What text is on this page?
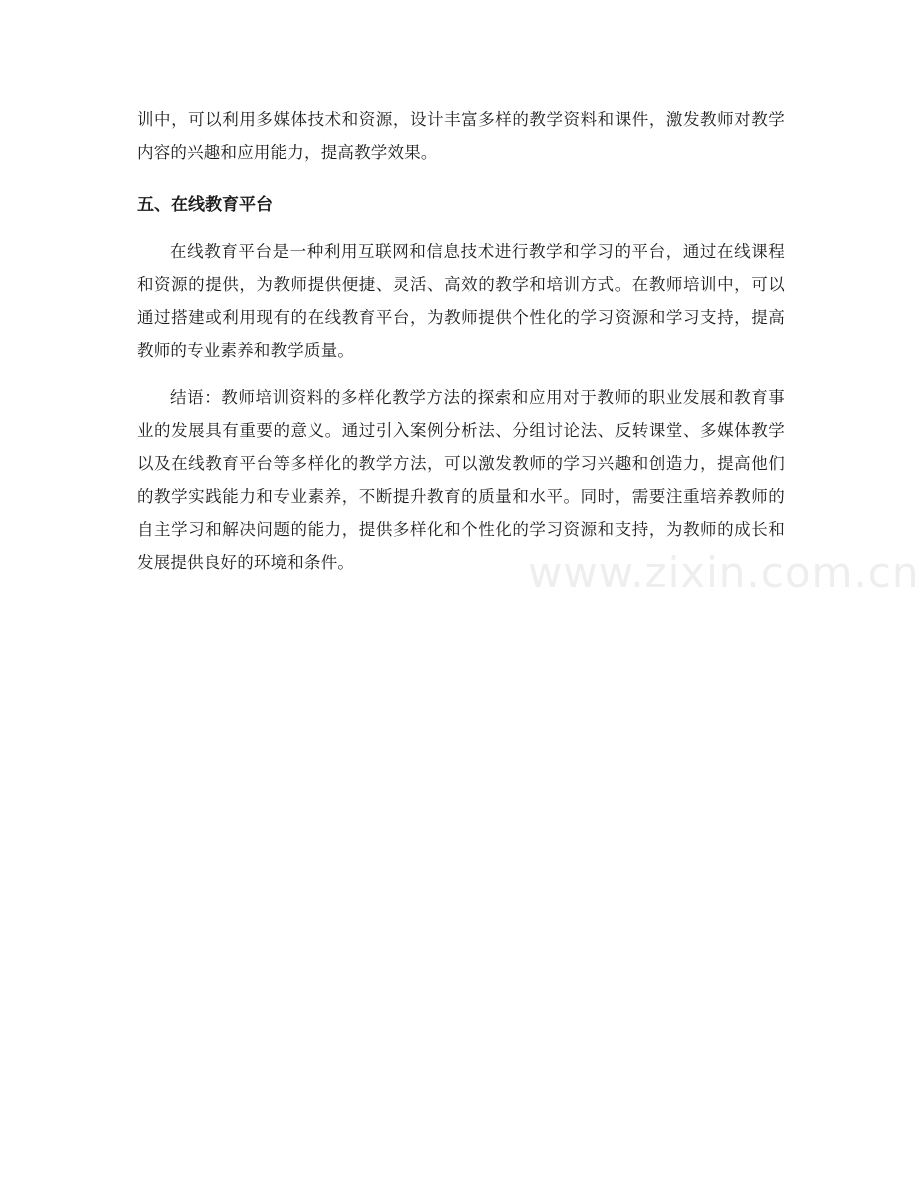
训中，可以利用多媒体技术和资源，设计丰富多样的教学资料和课件，激发教师对教学内容的兴趣和应用能力，提高教学效果。

五、在线教育平台

在线教育平台是一种利用互联网和信息技术进行教学和学习的平台，通过在线课程和资源的提供，为教师提供便捷、灵活、高效的教学和培训方式。在教师培训中，可以通过搭建或利用现有的在线教育平台，为教师提供个性化的学习资源和学习支持，提高教师的专业素养和教学质量。

结语：教师培训资料的多样化教学方法的探索和应用对于教师的职业发展和教育事业的发展具有重要的意义。通过引入案例分析法、分组讨论法、反转课堂、多媒体教学以及在线教育平台等多样化的教学方法，可以激发教师的学习兴趣和创造力，提高他们的教学实践能力和专业素养，不断提升教育的质量和水平。同时，需要注重培养教师的自主学习和解决问题的能力，提供多样化和个性化的学习资源和支持，为教师的成长和发展提供良好的环境和条件。	www.zixin.com.cn
